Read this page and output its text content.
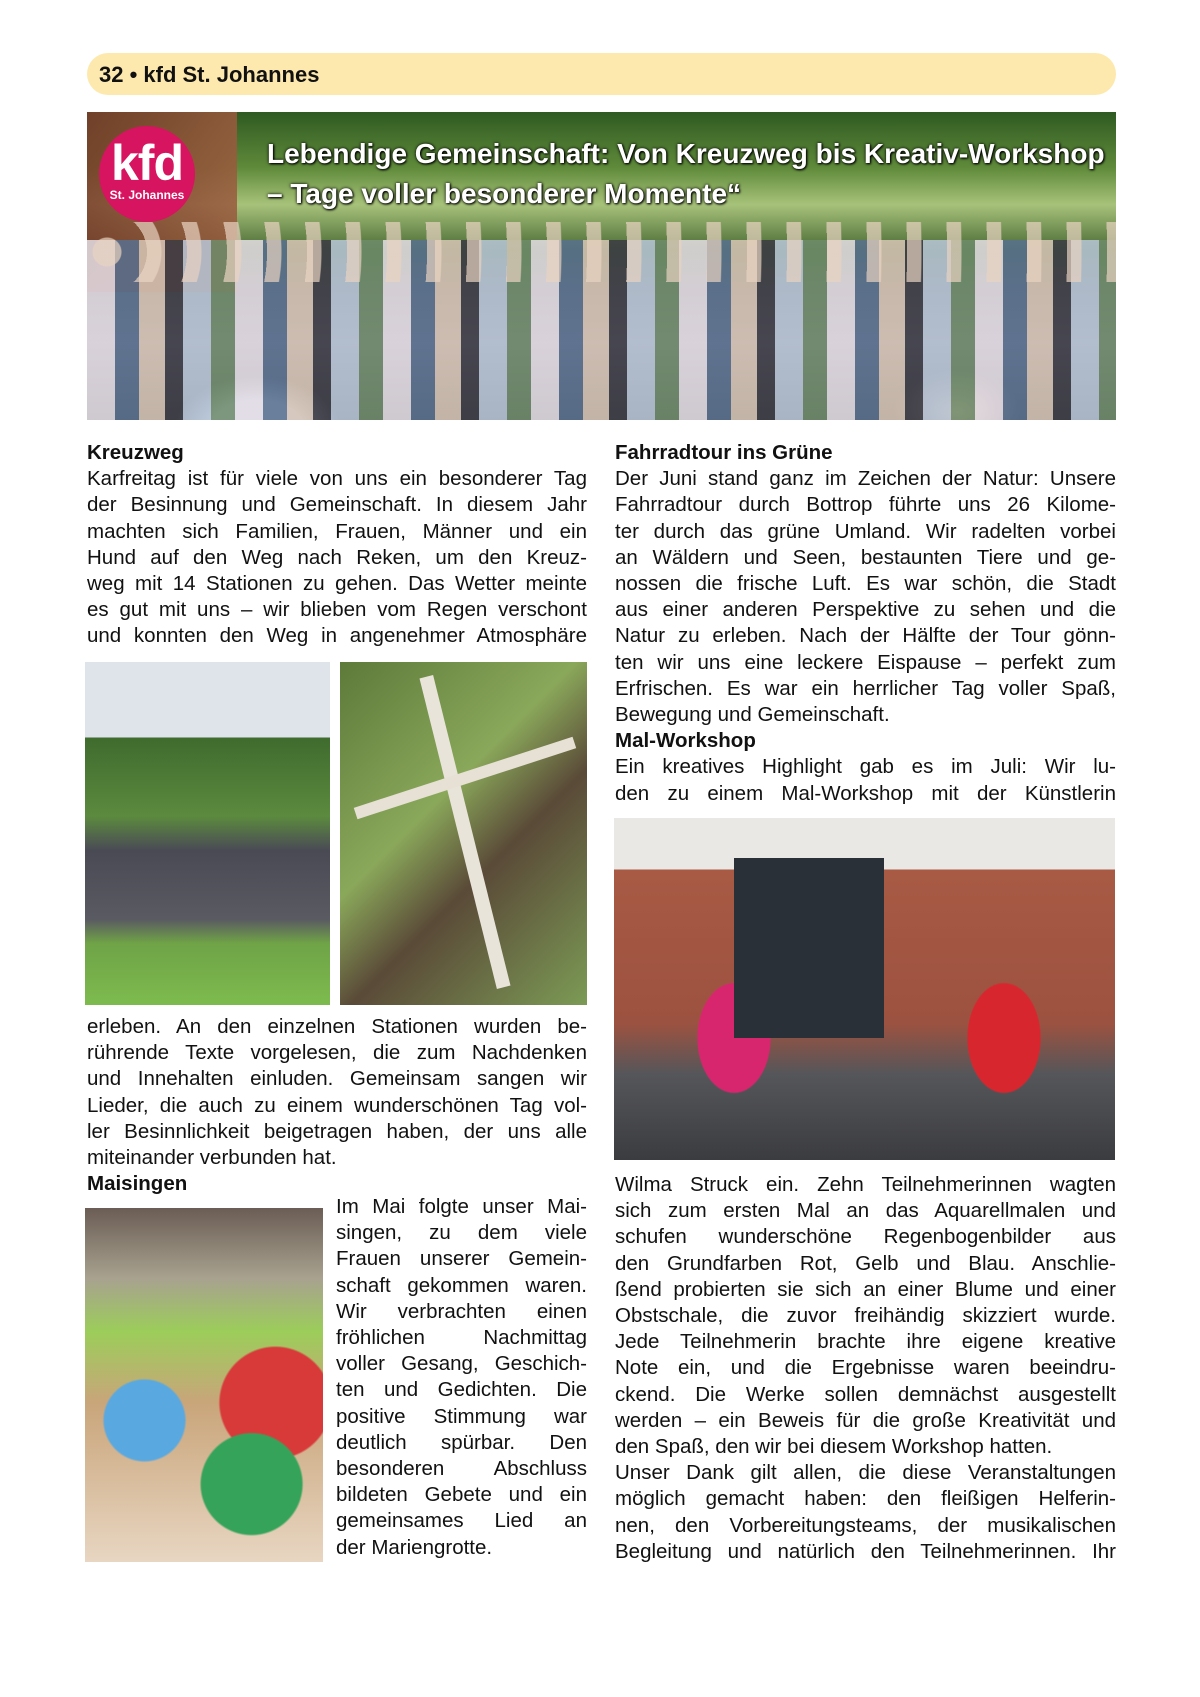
32 • kfd St. Johannes
kfd
St. Johannes
Lebendige Gemeinschaft: Von Kreuzweg bis Kreativ-Workshop – Tage voller besonderer Momente“
Kreuzweg
Karfreitag ist für viele von uns ein besonderer Tag
der Besinnung und Gemeinschaft. In diesem Jahr
machten sich Familien, Frauen, Männer und ein
Hund auf den Weg nach Reken, um den Kreuz-
weg mit 14 Stationen zu gehen. Das Wetter meinte
es gut mit uns – wir blieben vom Regen verschont
und konnten den Weg in angenehmer Atmosphäre
erleben. An den einzelnen Stationen wurden be-
rührende Texte vorgelesen, die zum Nachdenken
und Innehalten einluden. Gemeinsam sangen wir
Lieder, die auch zu einem wunderschönen Tag vol-
ler Besinnlichkeit beigetragen haben, der uns alle
miteinander verbunden hat.
Maisingen
Im Mai folgte unser Mai-
singen, zu dem viele
Frauen unserer Gemein-
schaft gekommen waren.
Wir verbrachten einen
fröhlichen Nachmittag
voller Gesang, Geschich-
ten und Gedichten. Die
positive Stimmung war
deutlich spürbar. Den
besonderen Abschluss
bildeten Gebete und ein
gemeinsames Lied an
der Mariengrotte.
Fahrradtour ins Grüne
Der Juni stand ganz im Zeichen der Natur: Unsere
Fahrradtour durch Bottrop führte uns 26 Kilome-
ter durch das grüne Umland. Wir radelten vorbei
an Wäldern und Seen, bestaunten Tiere und ge-
nossen die frische Luft. Es war schön, die Stadt
aus einer anderen Perspektive zu sehen und die
Natur zu erleben. Nach der Hälfte der Tour gönn-
ten wir uns eine leckere Eispause – perfekt zum
Erfrischen. Es war ein herrlicher Tag voller Spaß,
Bewegung und Gemeinschaft.
Mal-Workshop
Ein kreatives Highlight gab es im Juli: Wir lu-
den zu einem Mal-Workshop mit der Künstlerin
Wilma Struck ein. Zehn Teilnehmerinnen wagten
sich zum ersten Mal an das Aquarellmalen und
schufen wunderschöne Regenbogenbilder aus
den Grundfarben Rot, Gelb und Blau. Anschlie-
ßend probierten sie sich an einer Blume und einer
Obstschale, die zuvor freihändig skizziert wurde.
Jede Teilnehmerin brachte ihre eigene kreative
Note ein, und die Ergebnisse waren beeindru-
ckend. Die Werke sollen demnächst ausgestellt
werden – ein Beweis für die große Kreativität und
den Spaß, den wir bei diesem Workshop hatten.
Unser Dank gilt allen, die diese Veranstaltungen
möglich gemacht haben: den fleißigen Helferin-
nen, den Vorbereitungsteams, der musikalischen
Begleitung und natürlich den Teilnehmerinnen. Ihr
